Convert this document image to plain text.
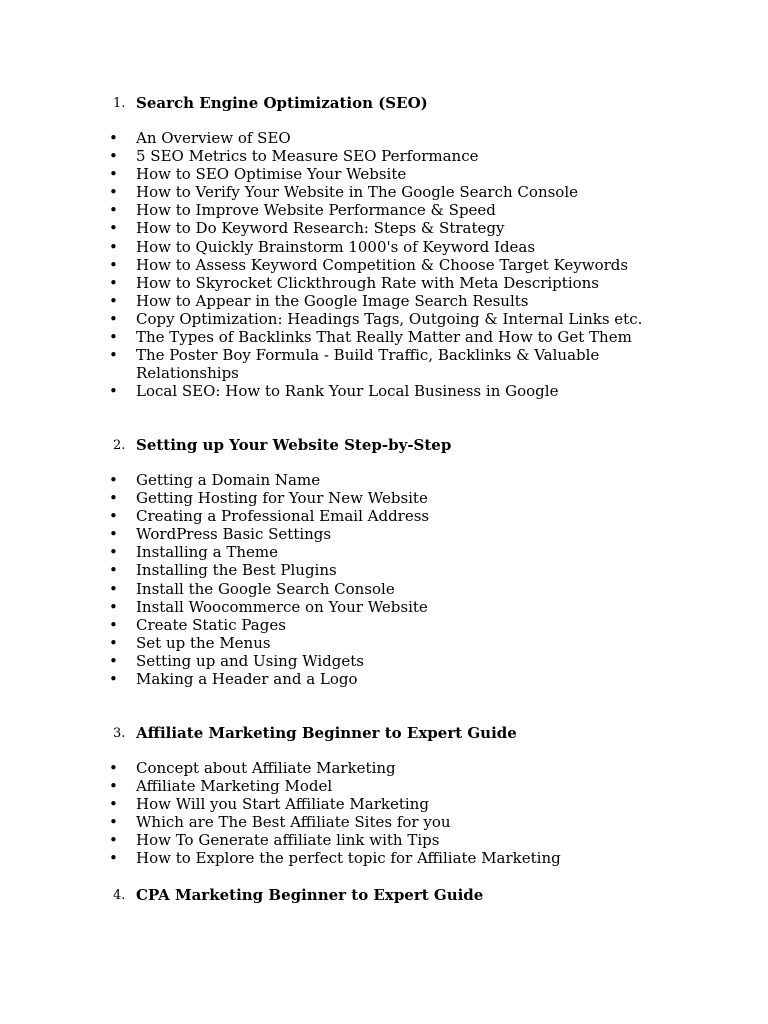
1. Search Engine Optimization (SEO)
• An Overview of SEO
• 5 SEO Metrics to Measure SEO Performance
• How to SEO Optimise Your Website
• How to Verify Your Website in The Google Search Console
• How to Improve Website Performance & Speed
• How to Do Keyword Research: Steps & Strategy
• How to Quickly Brainstorm 1000's of Keyword Ideas
• How to Assess Keyword Competition & Choose Target Keywords
• How to Skyrocket Clickthrough Rate with Meta Descriptions
• How to Appear in the Google Image Search Results
• Copy Optimization: Headings Tags, Outgoing & Internal Links etc.
• The Types of Backlinks That Really Matter and How to Get Them
• The Poster Boy Formula - Build Traffic, Backlinks & Valuable Relationships
• Local SEO: How to Rank Your Local Business in Google
2. Setting up Your Website Step-by-Step
• Getting a Domain Name
• Getting Hosting for Your New Website
• Creating a Professional Email Address
• WordPress Basic Settings
• Installing a Theme
• Installing the Best Plugins
• Install the Google Search Console
• Install Woocommerce on Your Website
• Create Static Pages
• Set up the Menus
• Setting up and Using Widgets
• Making a Header and a Logo
3. Affiliate Marketing Beginner to Expert Guide
• Concept about Affiliate Marketing
• Affiliate Marketing Model
• How Will you Start Affiliate Marketing
• Which are The Best Affiliate Sites for you
• How To Generate affiliate link with Tips
• How to Explore the perfect topic for Affiliate Marketing
4. CPA Marketing Beginner to Expert Guide
